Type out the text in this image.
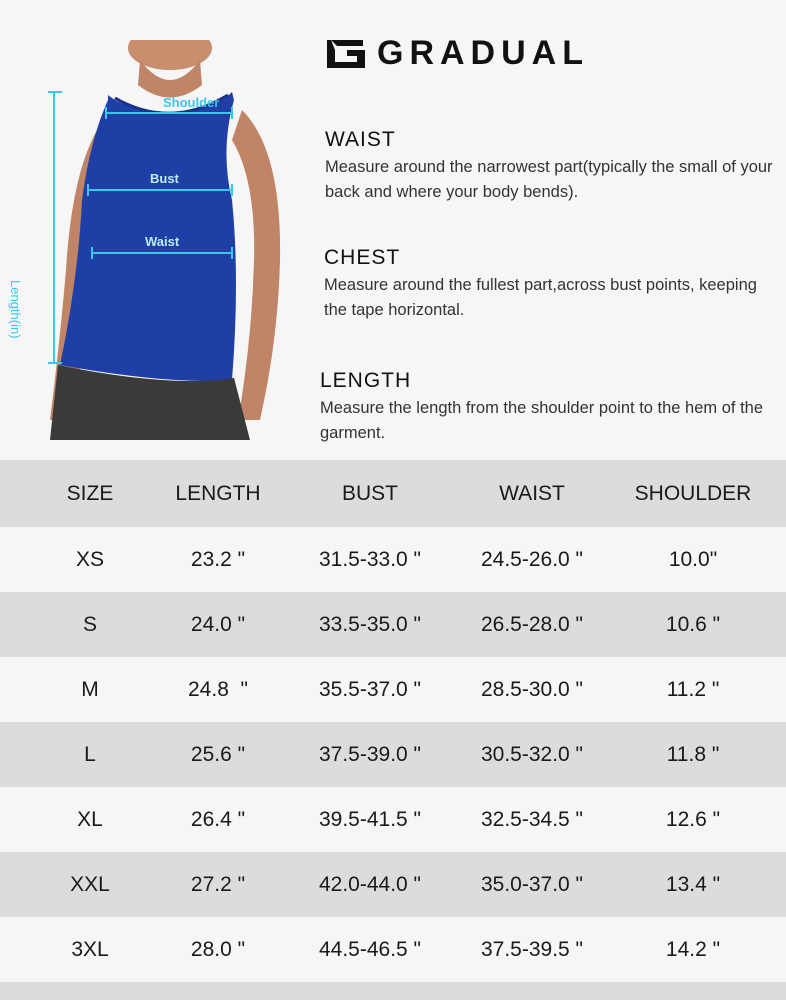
Shoulder
Bust
Waist
Length(in)
GRADUAL
WAIST

Measure around the narrowest part(typically the small of your back and where your body bends).

CHEST

Measure around the fullest part,across bust points, keeping the tape horizontal.

LENGTH

Measure the length from the shoulder point to the hem of the garment.

SIZE	LENGTH	BUST	WAIST	SHOULDER
XS	23.2 "	31.5-33.0 "	24.5-26.0 "	10.0"
S	24.0 "	33.5-35.0 "	26.5-28.0 "	10.6 "
M	24.8  "	35.5-37.0 "	28.5-30.0 "	11.2 "
L	25.6 "	37.5-39.0 "	30.5-32.0 "	11.8 "
XL	26.4 "	39.5-41.5 "	32.5-34.5 "	12.6 "
XXL	27.2 "	42.0-44.0 "	35.0-37.0 "	13.4 "
3XL	28.0 "	44.5-46.5 "	37.5-39.5 "	14.2 "
